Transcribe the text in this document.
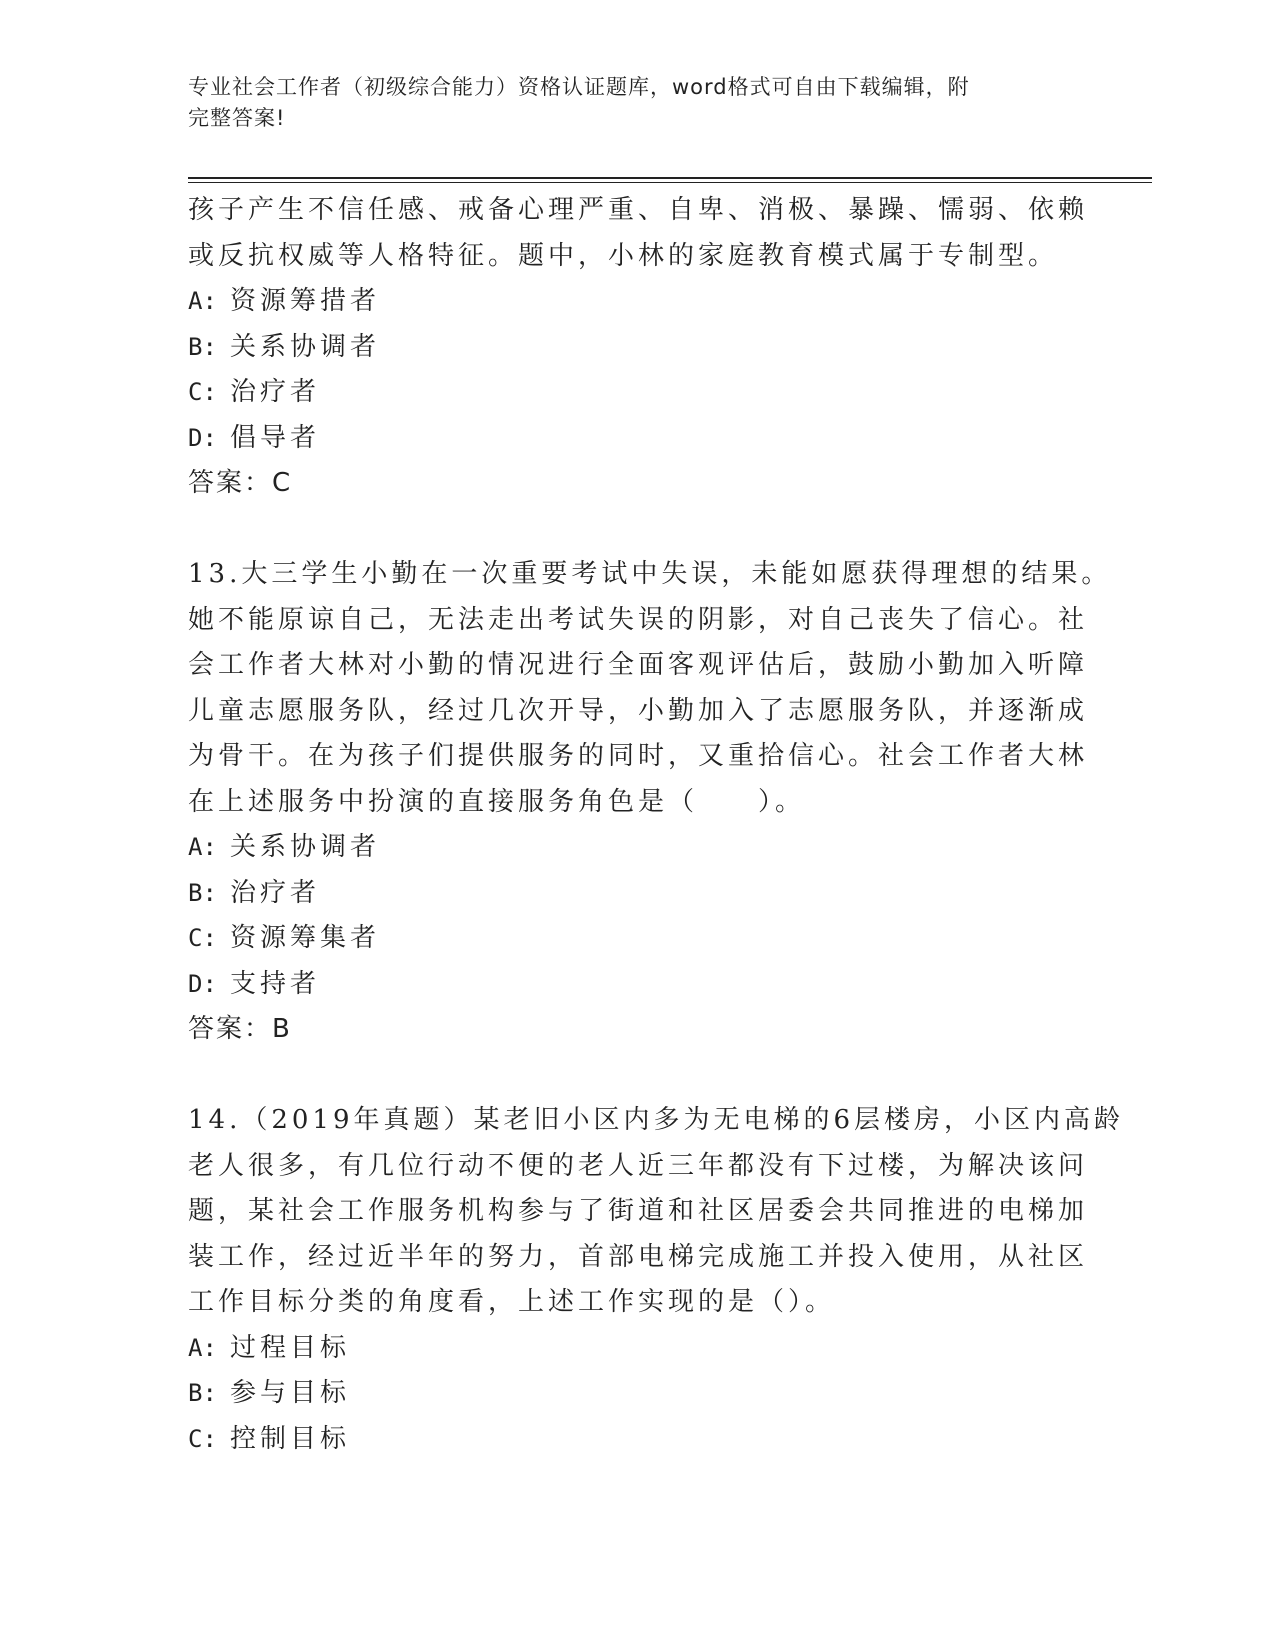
专业社会工作者（初级综合能力）资格认证题库，word格式可自由下载编辑，附
完整答案!
孩子产生不信任感、戒备心理严重、自卑、消极、暴躁、懦弱、依赖
或反抗权威等人格特征。题中，小林的家庭教育模式属于专制型。
A: 资源筹措者
B: 关系协调者
C: 治疗者
D: 倡导者
答案：C
13.大三学生小勤在一次重要考试中失误，未能如愿获得理想的结果。
她不能原谅自己，无法走出考试失误的阴影，对自己丧失了信心。社
会工作者大林对小勤的情况进行全面客观评估后，鼓励小勤加入听障
儿童志愿服务队，经过几次开导，小勤加入了志愿服务队，并逐渐成
为骨干。在为孩子们提供服务的同时，又重拾信心。社会工作者大林
在上述服务中扮演的直接服务角色是（　　）。
A: 关系协调者
B: 治疗者
C: 资源筹集者
D: 支持者
答案：B
14.（2019年真题）某老旧小区内多为无电梯的6层楼房，小区内高龄
老人很多，有几位行动不便的老人近三年都没有下过楼，为解决该问
题，某社会工作服务机构参与了街道和社区居委会共同推进的电梯加
装工作，经过近半年的努力，首部电梯完成施工并投入使用，从社区
工作目标分类的角度看，上述工作实现的是（）。
A: 过程目标
B: 参与目标
C: 控制目标
